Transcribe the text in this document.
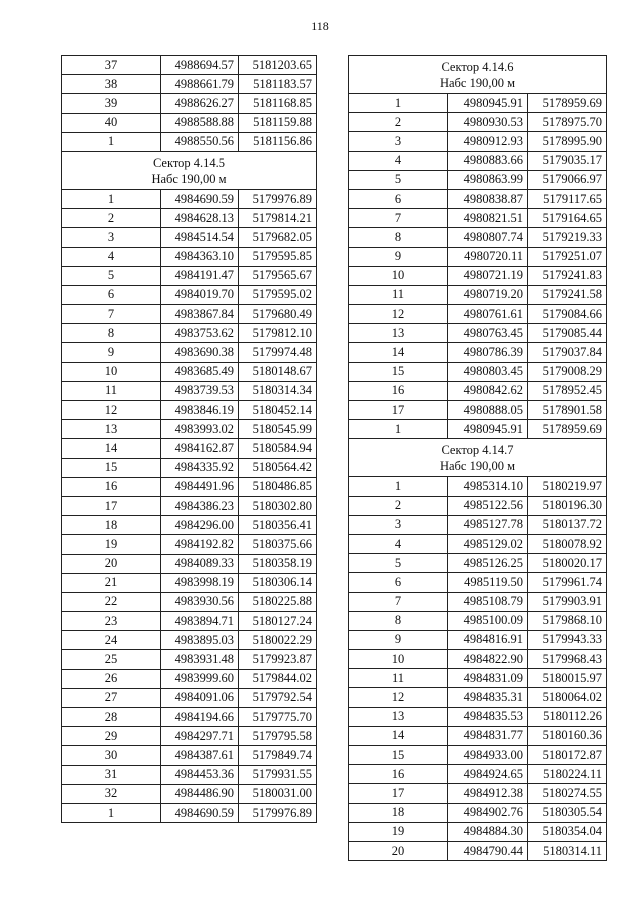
118
37	4988694.57	5181203.65
38	4988661.79	5181183.57
39	4988626.27	5181168.85
40	4988588.88	5181159.88
1	4988550.56	5181156.86

Сектор 4.14.5
Набс 190,00 м		

1	4984690.59	5179976.89
2	4984628.13	5179814.21
3	4984514.54	5179682.05
4	4984363.10	5179595.85
5	4984191.47	5179565.67
6	4984019.70	5179595.02
7	4983867.84	5179680.49
8	4983753.62	5179812.10
9	4983690.38	5179974.48
10	4983685.49	5180148.67
11	4983739.53	5180314.34
12	4983846.19	5180452.14
13	4983993.02	5180545.99
14	4984162.87	5180584.94
15	4984335.92	5180564.42
16	4984491.96	5180486.85
17	4984386.23	5180302.80
18	4984296.00	5180356.41
19	4984192.82	5180375.66
20	4984089.33	5180358.19
21	4983998.19	5180306.14
22	4983930.56	5180225.88
23	4983894.71	5180127.24
24	4983895.03	5180022.29
25	4983931.48	5179923.87
26	4983999.60	5179844.02
27	4984091.06	5179792.54
28	4984194.66	5179775.70
29	4984297.71	5179795.58
30	4984387.61	5179849.74
31	4984453.36	5179931.55
32	4984486.90	5180031.00
1	4984690.59	5179976.89
Сектор 4.14.6
Набс 190,00 м		

1	4980945.91	5178959.69
2	4980930.53	5178975.70
3	4980912.93	5178995.90
4	4980883.66	5179035.17
5	4980863.99	5179066.97
6	4980838.87	5179117.65
7	4980821.51	5179164.65
8	4980807.74	5179219.33
9	4980720.11	5179251.07
10	4980721.19	5179241.83
11	4980719.20	5179241.58
12	4980761.61	5179084.66
13	4980763.45	5179085.44
14	4980786.39	5179037.84
15	4980803.45	5179008.29
16	4980842.62	5178952.45
17	4980888.05	5178901.58
1	4980945.91	5178959.69

Сектор 4.14.7
Набс 190,00 м		

1	4985314.10	5180219.97
2	4985122.56	5180196.30
3	4985127.78	5180137.72
4	4985129.02	5180078.92
5	4985126.25	5180020.17
6	4985119.50	5179961.74
7	4985108.79	5179903.91
8	4985100.09	5179868.10
9	4984816.91	5179943.33
10	4984822.90	5179968.43
11	4984831.09	5180015.97
12	4984835.31	5180064.02
13	4984835.53	5180112.26
14	4984831.77	5180160.36
15	4984933.00	5180172.87
16	4984924.65	5180224.11
17	4984912.38	5180274.55
18	4984902.76	5180305.54
19	4984884.30	5180354.04
20	4984790.44	5180314.11
